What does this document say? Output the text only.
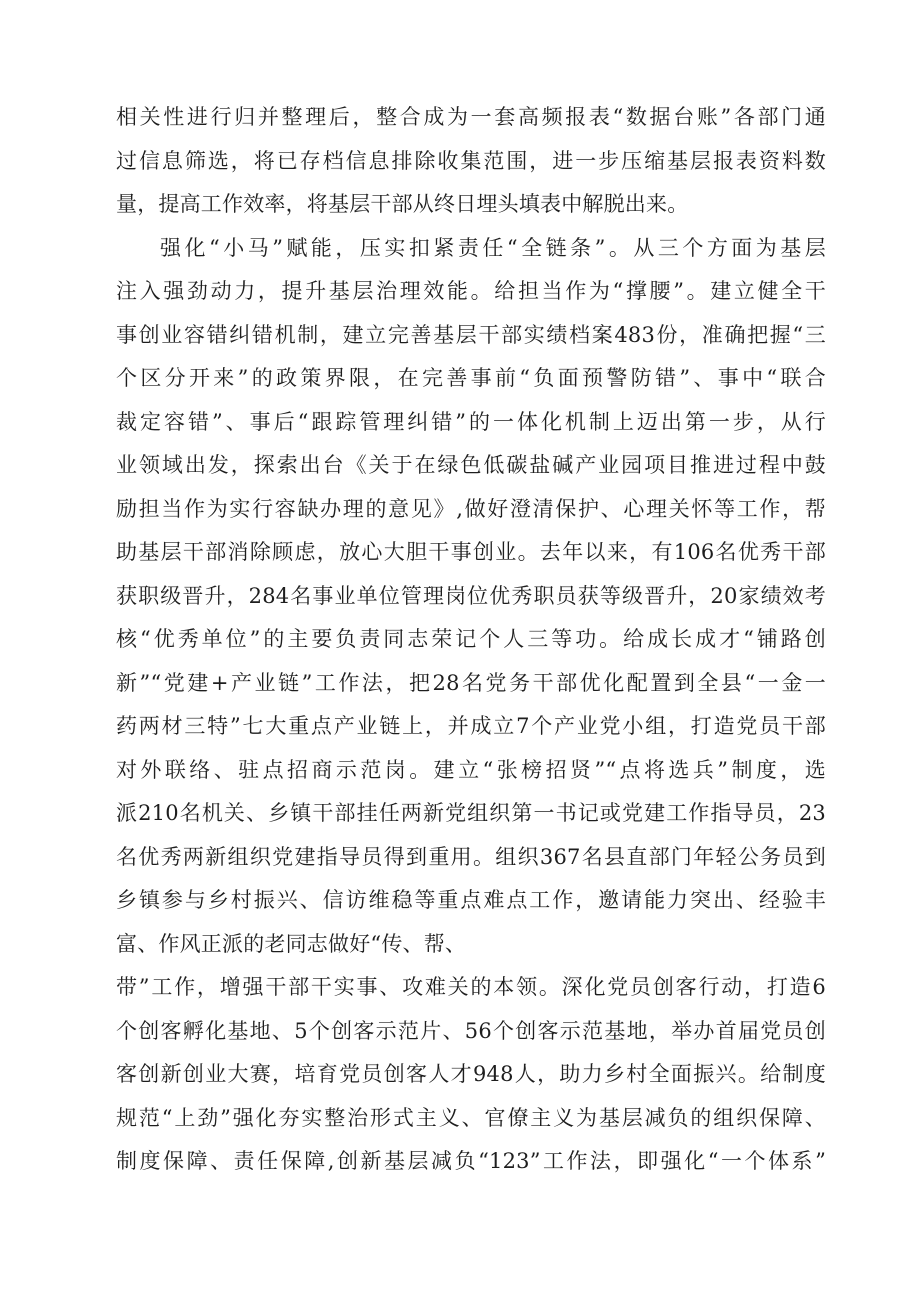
相关性进行归并整理后，整合成为一套高频报表“数据台账”各部门通
过信息筛选，将已存档信息排除收集范围，进一步压缩基层报表资料数
量，提高工作效率，将基层干部从终日埋头填表中解脱出来。
强化“小马”赋能，压实扣紧责任“全链条”。从三个方面为基层
注入强劲动力，提升基层治理效能。给担当作为“撑腰”。建立健全干
事创业容错纠错机制，建立完善基层干部实绩档案483份，准确把握“三
个区分开来”的政策界限，在完善事前“负面预警防错”、事中“联合
裁定容错”、事后“跟踪管理纠错”的一体化机制上迈出第一步，从行
业领域出发，探索出台《关于在绿色低碳盐碱产业园项目推进过程中鼓
励担当作为实行容缺办理的意见》,做好澄清保护、心理关怀等工作，帮
助基层干部消除顾虑，放心大胆干事创业。去年以来，有106名优秀干部
获职级晋升，284名事业单位管理岗位优秀职员获等级晋升，20家绩效考
核“优秀单位”的主要负责同志荣记个人三等功。给成长成才“铺路创
新”“党建+产业链”工作法，把28名党务干部优化配置到全县“一金一
药两材三特”七大重点产业链上，并成立7个产业党小组，打造党员干部
对外联络、驻点招商示范岗。建立“张榜招贤”“点将选兵”制度，选
派210名机关、乡镇干部挂任两新党组织第一书记或党建工作指导员，23
名优秀两新组织党建指导员得到重用。组织367名县直部门年轻公务员到
乡镇参与乡村振兴、信访维稳等重点难点工作，邀请能力突出、经验丰
富、作风正派的老同志做好“传、帮、
带”工作，增强干部干实事、攻难关的本领。深化党员创客行动，打造6
个创客孵化基地、5个创客示范片、56个创客示范基地，举办首届党员创
客创新创业大赛，培育党员创客人才948人，助力乡村全面振兴。给制度
规范“上劲”强化夯实整治形式主义、官僚主义为基层减负的组织保障、
制度保障、责任保障,创新基层减负“123”工作法，即强化“一个体系”
